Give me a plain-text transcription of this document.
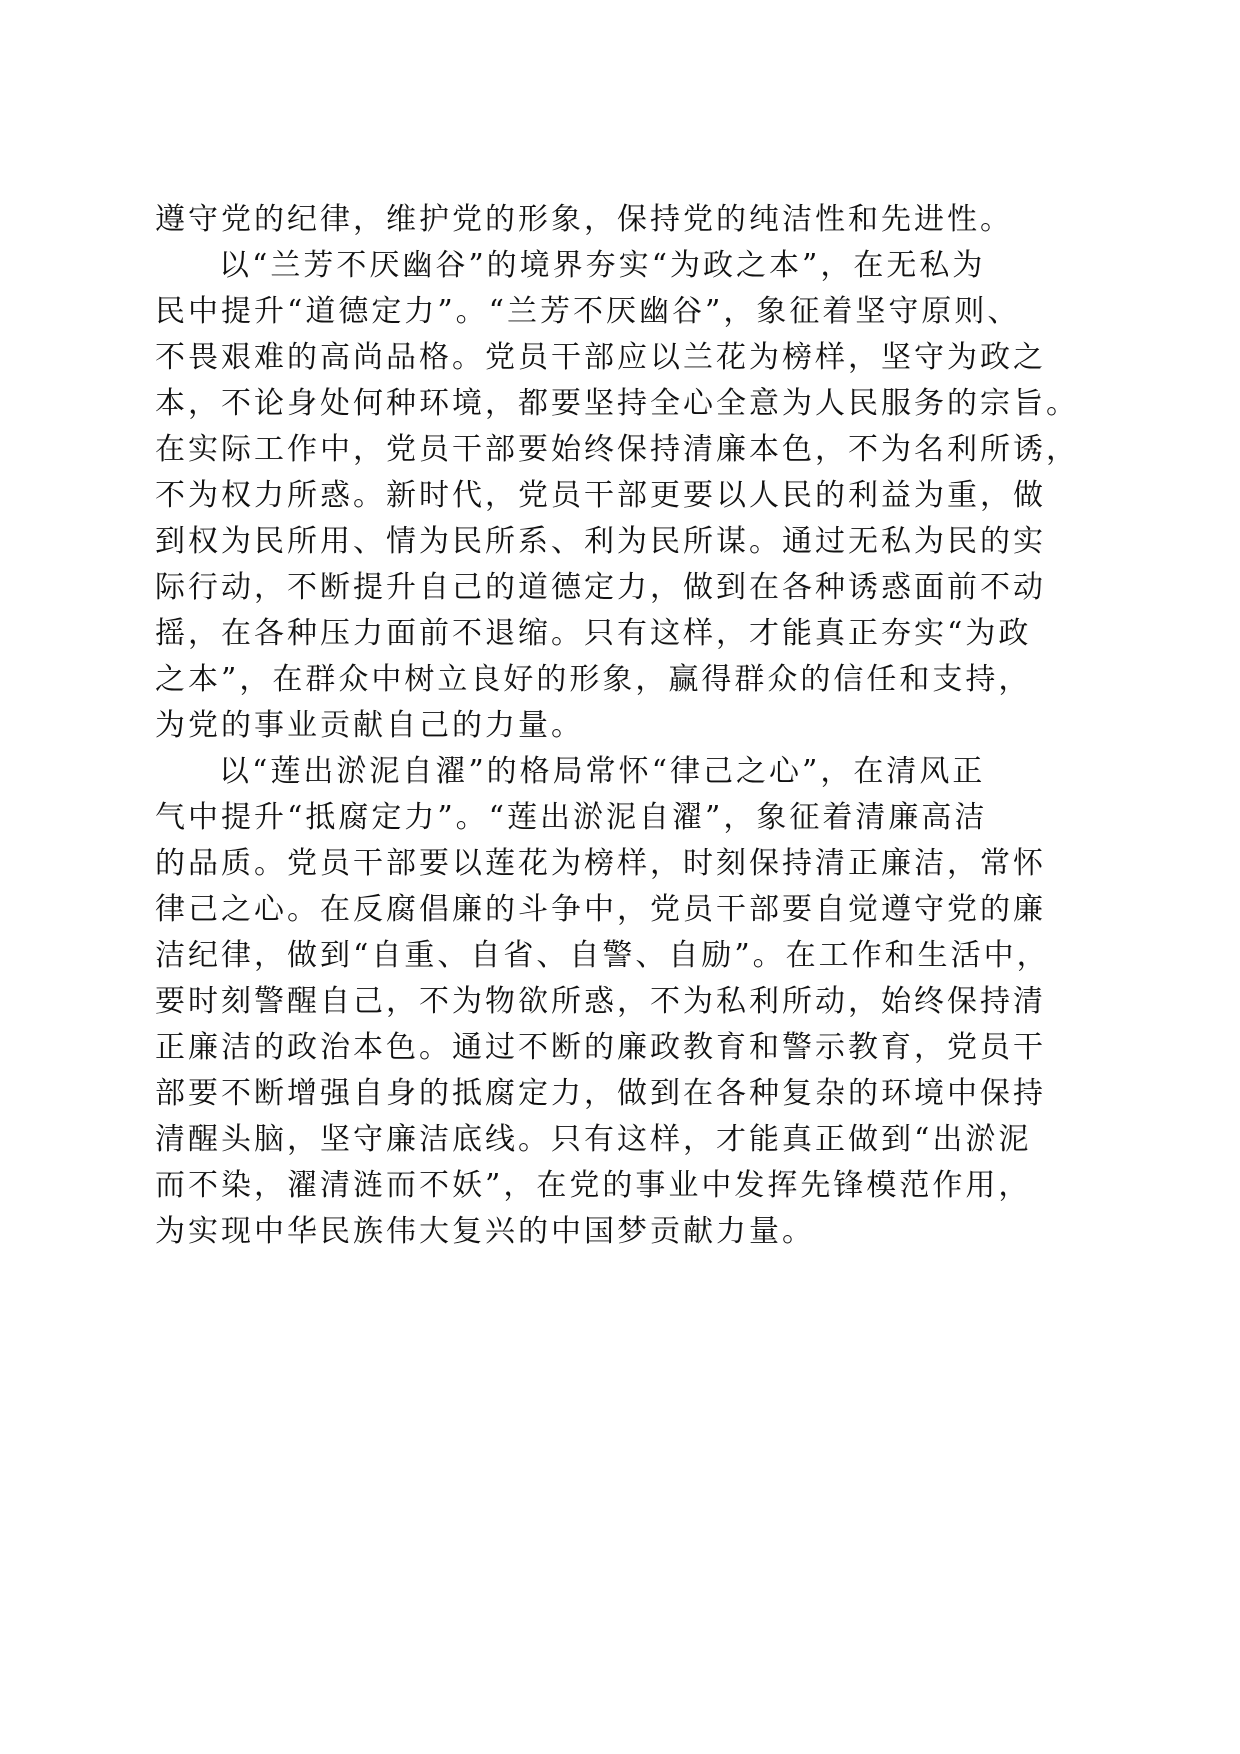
遵守党的纪律，维护党的形象，保持党的纯洁性和先进性。
以“兰芳不厌幽谷”的境界夯实“为政之本”，在无私为
民中提升“道德定力”。“兰芳不厌幽谷”，象征着坚守原则、
不畏艰难的高尚品格。党员干部应以兰花为榜样，坚守为政之
本，不论身处何种环境，都要坚持全心全意为人民服务的宗旨。
在实际工作中，党员干部要始终保持清廉本色，不为名利所诱，
不为权力所惑。新时代，党员干部更要以人民的利益为重，做
到权为民所用、情为民所系、利为民所谋。通过无私为民的实
际行动，不断提升自己的道德定力，做到在各种诱惑面前不动
摇，在各种压力面前不退缩。只有这样，才能真正夯实“为政
之本”，在群众中树立良好的形象，赢得群众的信任和支持，
为党的事业贡献自己的力量。
以“莲出淤泥自濯”的格局常怀“律己之心”，在清风正
气中提升“抵腐定力”。“莲出淤泥自濯”，象征着清廉高洁
的品质。党员干部要以莲花为榜样，时刻保持清正廉洁，常怀
律己之心。在反腐倡廉的斗争中，党员干部要自觉遵守党的廉
洁纪律，做到“自重、自省、自警、自励”。在工作和生活中，
要时刻警醒自己，不为物欲所惑，不为私利所动，始终保持清
正廉洁的政治本色。通过不断的廉政教育和警示教育，党员干
部要不断增强自身的抵腐定力，做到在各种复杂的环境中保持
清醒头脑，坚守廉洁底线。只有这样，才能真正做到“出淤泥
而不染，濯清涟而不妖”，在党的事业中发挥先锋模范作用，
为实现中华民族伟大复兴的中国梦贡献力量。
